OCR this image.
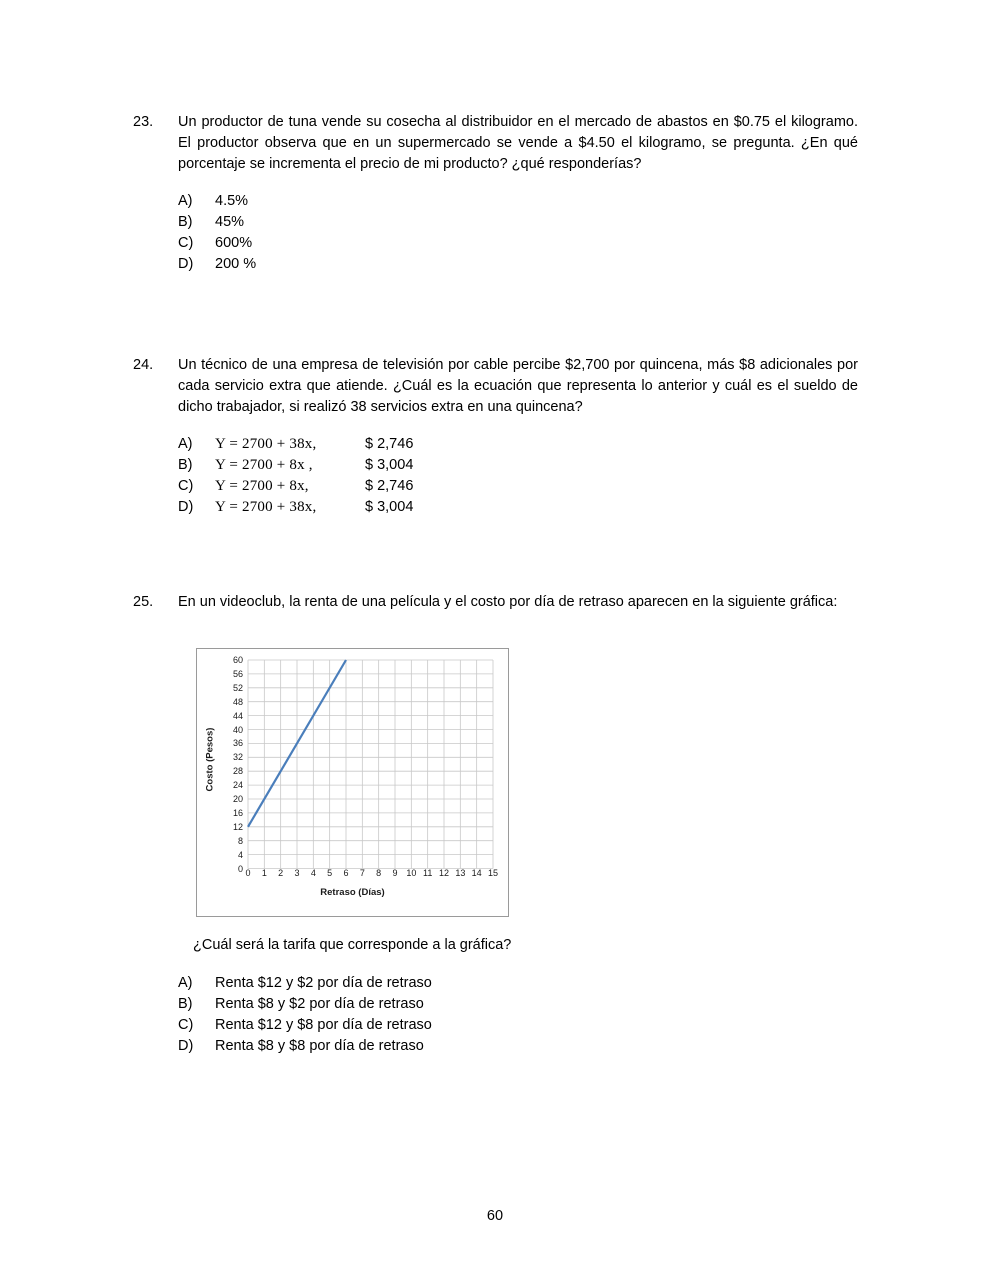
23.	Un productor de tuna vende su cosecha al distribuidor en el mercado de abastos en $0.75 el kilogramo. El productor observa que en un supermercado se vende a $4.50 el kilogramo, se pregunta. ¿En qué porcentaje se incrementa el precio de mi producto? ¿qué responderías?
A)	4.5%
B)	45%
C)	600%
D)	200 %
24.	Un técnico de una empresa de televisión por cable percibe $2,700 por quincena, más $8 adicionales por cada servicio extra que atiende. ¿Cuál es la ecuación que representa lo anterior y cuál es el sueldo de dicho trabajador, si realizó 38 servicios extra en una quincena?
A)	Y = 2700 + 38x,	$ 2,746
B)	Y = 2700 + 8x ,	$ 3,004
C)	Y = 2700 + 8x,	$ 2,746
D)	Y = 2700 + 38x,	$ 3,004
25.	En un videoclub, la renta de una película y el costo por día de retraso aparecen en la siguiente gráfica:
Costo (Pesos)
60
56
52
48
44
40
36
32
28
24
20
16
12
8
4
0 0 1 2 3 4 5 6 7 8 9 10 11 12 13 14 15
Retraso (Días)
¿Cuál será la tarifa que corresponde a la gráfica?
A)	Renta $12 y $2 por día de retraso
B)	Renta $8 y $2 por día de retraso
C)	Renta $12 y $8 por día de retraso
D)	Renta $8 y $8 por día de retraso
60
